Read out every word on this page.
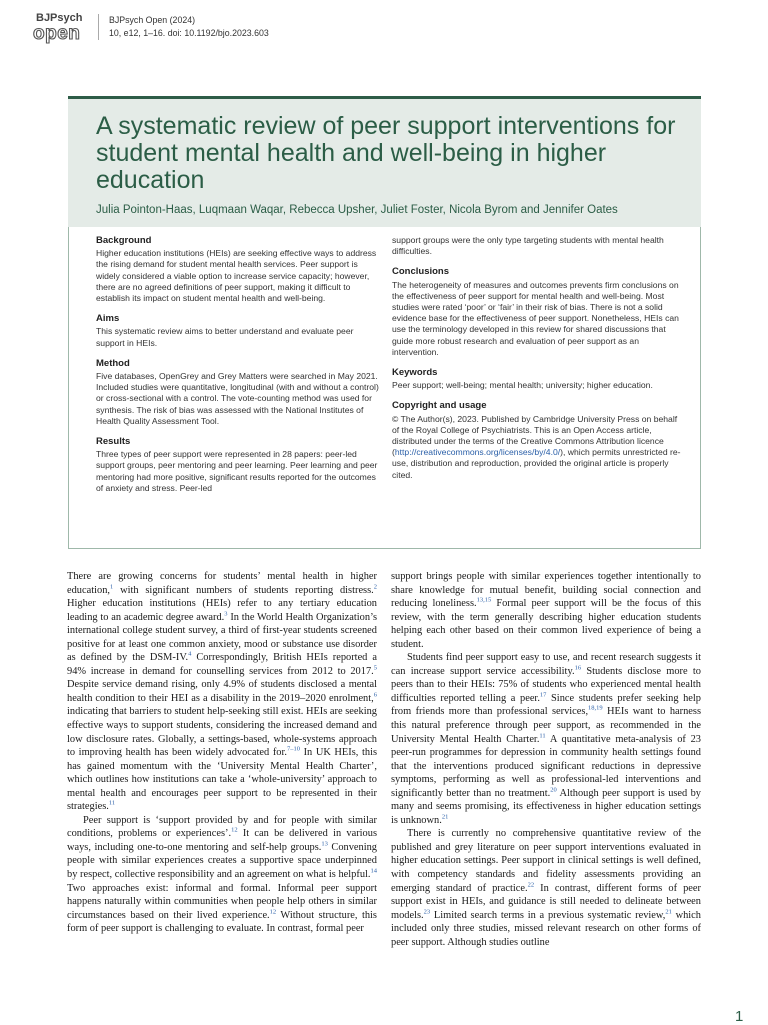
BJPsych
open
BJPsych Open (2024)
10, e12, 1–16. doi: 10.1192/bjo.2023.603
A systematic review of peer support interventions for student mental health and well-being in higher education
Julia Pointon-Haas, Luqmaan Waqar, Rebecca Upsher, Juliet Foster, Nicola Byrom and Jennifer Oates
Background

Higher education institutions (HEIs) are seeking effective ways to address the rising demand for student mental health services. Peer support is widely considered a viable option to increase service capacity; however, there are no agreed definitions of peer support, making it difficult to establish its impact on student mental health and well-being.

Aims

This systematic review aims to better understand and evaluate peer support in HEIs.

Method

Five databases, OpenGrey and Grey Matters were searched in May 2021. Included studies were quantitative, longitudinal (with and without a control) or cross-sectional with a control. The vote-counting method was used for synthesis. The risk of bias was assessed with the National Institutes of Health Quality Assessment Tool.

Results

Three types of peer support were represented in 28 papers: peer-led support groups, peer mentoring and peer learning. Peer learning and peer mentoring had more positive, significant results reported for the outcomes of anxiety and stress. Peer-led

support groups were the only type targeting students with mental health difficulties.

Conclusions

The heterogeneity of measures and outcomes prevents firm conclusions on the effectiveness of peer support for mental health and well-being. Most studies were rated ‘poor’ or ‘fair’ in their risk of bias. There is not a solid evidence base for the effectiveness of peer support. Nonetheless, HEIs can use the terminology developed in this review for shared discussions that guide more robust research and evaluation of peer support as an intervention.

Keywords

Peer support; well-being; mental health; university; higher education.

Copyright and usage

© The Author(s), 2023. Published by Cambridge University Press on behalf of the Royal College of Psychiatrists. This is an Open Access article, distributed under the terms of the Creative Commons Attribution licence (http://creativecommons.org/licenses/by/4.0/), which permits unrestricted re-use, distribution and reproduction, provided the original article is properly cited.

There are growing concerns for students’ mental health in higher education,$^1$ with significant numbers of students reporting distress.$^2$ Higher education institutions (HEIs) refer to any tertiary education leading to an academic degree award.$^3$ In the World Health Organization’s international college student survey, a third of first-year students screened positive for at least one common anxiety, mood or substance use disorder as defined by the DSM-IV.$^4$ Correspondingly, British HEIs reported a 94% increase in demand for counselling services from 2012 to 2017.$^5$ Despite service demand rising, only 4.9% of students disclosed a mental health condition to their HEI as a disability in the 2019–2020 enrolment,$^6$ indicating that barriers to student help-seeking still exist. HEIs are seeking effective ways to support students, considering the increased demand and low disclosure rates. Globally, a settings-based, whole-systems approach to improving health has been widely advocated for.$^{7-10}$ In UK HEIs, this has gained momentum with the ‘University Mental Health Charter’, which outlines how institutions can take a ‘whole-university’ approach to mental health and encourages peer support to be represented in their strategies.$^{11}$

Peer support is ‘support provided by and for people with similar conditions, problems or experiences’.$^{12}$ It can be delivered in various ways, including one-to-one mentoring and self-help groups.$^{13}$ Convening people with similar experiences creates a supportive space underpinned by respect, collective responsibility and an agreement on what is helpful.$^{14}$ Two approaches exist: informal and formal. Informal peer support happens naturally within communities when people help others in similar circumstances based on their lived experience.$^{12}$ Without structure, this form of peer support is challenging to evaluate. In contrast, formal peer

support brings people with similar experiences together intentionally to share knowledge for mutual benefit, building social connection and reducing loneliness.$^{13,15}$ Formal peer support will be the focus of this review, with the term generally describing higher education students helping each other based on their common lived experience of being a student.

Students find peer support easy to use, and recent research suggests it can increase support service accessibility.$^{16}$ Students disclose more to peers than to their HEIs: 75% of students who experienced mental health difficulties reported telling a peer.$^{17}$ Since students prefer seeking help from friends more than professional services,$^{18,19}$ HEIs want to harness this natural preference through peer support, as recommended in the University Mental Health Charter.$^{11}$ A quantitative meta-analysis of 23 peer-run programmes for depression in community health settings found that the interventions produced significant reductions in depressive symptoms, performing as well as professional-led interventions and significantly better than no treatment.$^{20}$ Although peer support is used by many and seems promising, its effectiveness in higher education settings is unknown.$^{21}$

There is currently no comprehensive quantitative review of the published and grey literature on peer support interventions evaluated in higher education settings. Peer support in clinical settings is well defined, with competency standards and fidelity assessments providing an emerging standard of practice.$^{22}$ In contrast, different forms of peer support exist in HEIs, and guidance is still needed to delineate between models.$^{23}$ Limited search terms in a previous systematic review,$^{21}$ which included only three studies, missed relevant research on other forms of peer support. Although studies outline

1
